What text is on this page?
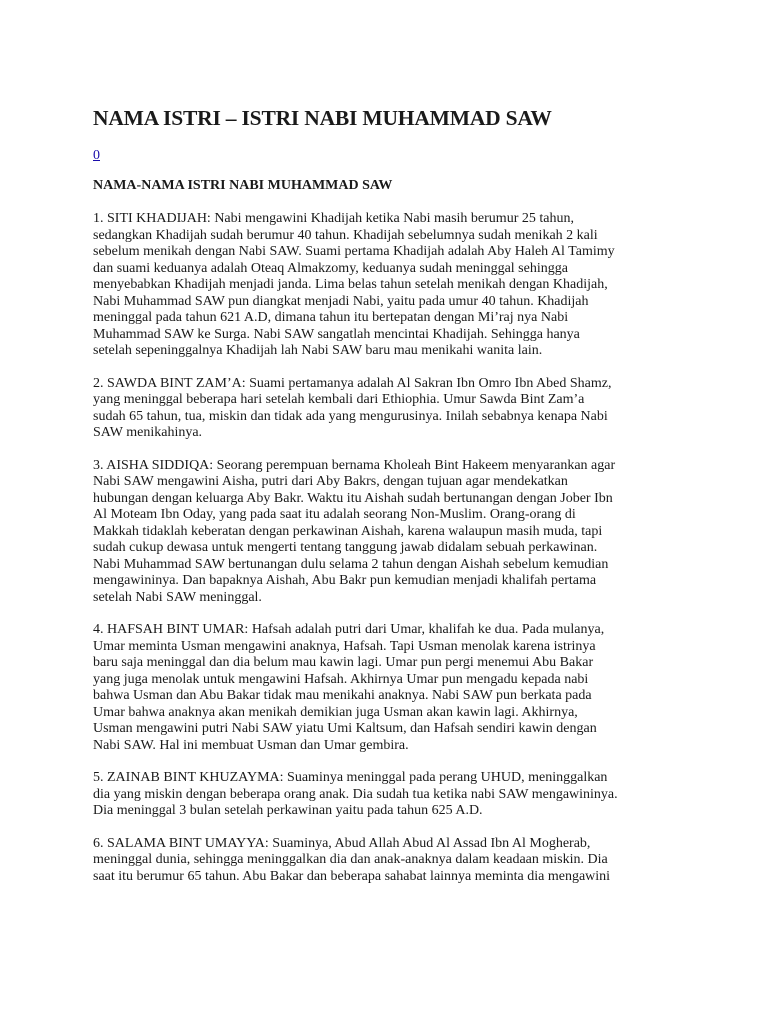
NAMA ISTRI – ISTRI NABI MUHAMMAD SAW
0
NAMA-NAMA ISTRI NABI MUHAMMAD SAW
1. SITI KHADIJAH: Nabi mengawini Khadijah ketika Nabi masih berumur 25 tahun,
sedangkan Khadijah sudah berumur 40 tahun. Khadijah sebelumnya sudah menikah 2 kali
sebelum menikah dengan Nabi SAW. Suami pertama Khadijah adalah Aby Haleh Al Tamimy
dan suami keduanya adalah Oteaq Almakzomy, keduanya sudah meninggal sehingga
menyebabkan Khadijah menjadi janda. Lima belas tahun setelah menikah dengan Khadijah,
Nabi Muhammad SAW pun diangkat menjadi Nabi, yaitu pada umur 40 tahun. Khadijah
meninggal pada tahun 621 A.D, dimana tahun itu bertepatan dengan Mi’raj nya Nabi
Muhammad SAW ke Surga. Nabi SAW sangatlah mencintai Khadijah. Sehingga hanya
setelah sepeninggalnya Khadijah lah Nabi SAW baru mau menikahi wanita lain.
2. SAWDA BINT ZAM’A: Suami pertamanya adalah Al Sakran Ibn Omro Ibn Abed Shamz,
yang meninggal beberapa hari setelah kembali dari Ethiophia. Umur Sawda Bint Zam’a
sudah 65 tahun, tua, miskin dan tidak ada yang mengurusinya. Inilah sebabnya kenapa Nabi
SAW menikahinya.
3. AISHA SIDDIQA: Seorang perempuan bernama Kholeah Bint Hakeem menyarankan agar
Nabi SAW mengawini Aisha, putri dari Aby Bakrs, dengan tujuan agar mendekatkan
hubungan dengan keluarga Aby Bakr. Waktu itu Aishah sudah bertunangan dengan Jober Ibn
Al Moteam Ibn Oday, yang pada saat itu adalah seorang Non-Muslim. Orang-orang di
Makkah tidaklah keberatan dengan perkawinan Aishah, karena walaupun masih muda, tapi
sudah cukup dewasa untuk mengerti tentang tanggung jawab didalam sebuah perkawinan.
Nabi Muhammad SAW bertunangan dulu selama 2 tahun dengan Aishah sebelum kemudian
mengawininya. Dan bapaknya Aishah, Abu Bakr pun kemudian menjadi khalifah pertama
setelah Nabi SAW meninggal.
4. HAFSAH BINT UMAR: Hafsah adalah putri dari Umar, khalifah ke dua. Pada mulanya,
Umar meminta Usman mengawini anaknya, Hafsah. Tapi Usman menolak karena istrinya
baru saja meninggal dan dia belum mau kawin lagi. Umar pun pergi menemui Abu Bakar
yang juga menolak untuk mengawini Hafsah. Akhirnya Umar pun mengadu kepada nabi
bahwa Usman dan Abu Bakar tidak mau menikahi anaknya. Nabi SAW pun berkata pada
Umar bahwa anaknya akan menikah demikian juga Usman akan kawin lagi. Akhirnya,
Usman mengawini putri Nabi SAW yiatu Umi Kaltsum, dan Hafsah sendiri kawin dengan
Nabi SAW. Hal ini membuat Usman dan Umar gembira.
5. ZAINAB BINT KHUZAYMA: Suaminya meninggal pada perang UHUD, meninggalkan
dia yang miskin dengan beberapa orang anak. Dia sudah tua ketika nabi SAW mengawininya.
Dia meninggal 3 bulan setelah perkawinan yaitu pada tahun 625 A.D.
6. SALAMA BINT UMAYYA: Suaminya, Abud Allah Abud Al Assad Ibn Al Mogherab,
meninggal dunia, sehingga meninggalkan dia dan anak-anaknya dalam keadaan miskin. Dia
saat itu berumur 65 tahun. Abu Bakar dan beberapa sahabat lainnya meminta dia mengawini
